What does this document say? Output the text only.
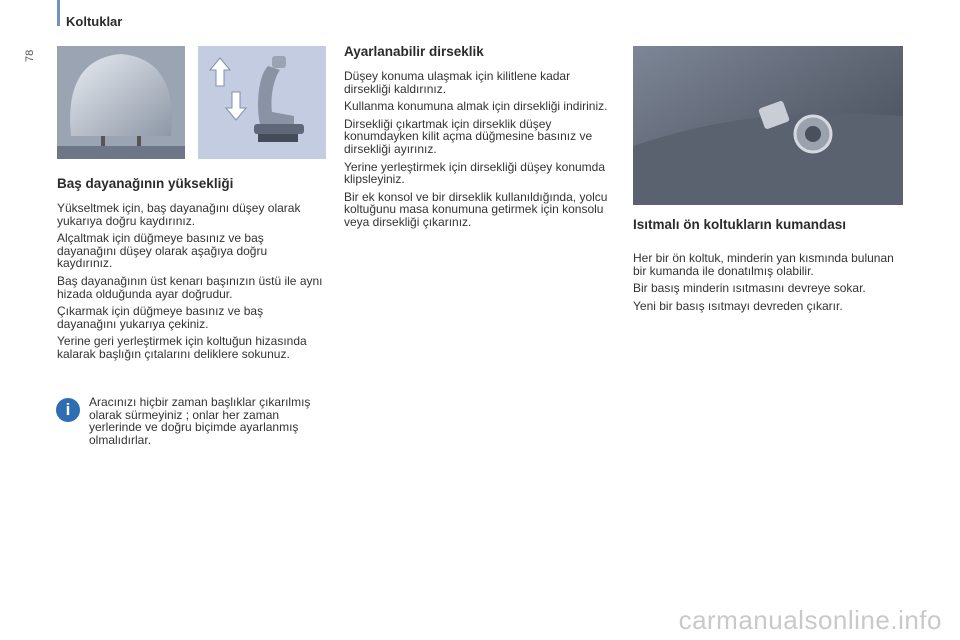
Koltuklar
78
Baş dayanağının yüksekliği

Yükseltmek için, baş dayanağını düşey olarak yukarıya doğru kaydırınız.

Alçaltmak için düğmeye basınız ve baş dayanağını düşey olarak aşağıya doğru kaydırınız.

Baş dayanağının üst kenarı başınızın üstü ile aynı hizada olduğunda ayar doğrudur.

Çıkarmak için düğmeye basınız ve baş dayanağını yukarıya çekiniz.

Yerine geri yerleştirmek için koltuğun hizasında kalarak başlığın çıtalarını deliklere sokunuz.

i	Aracınızı hiçbir zaman başlıklar çıkarılmış olarak sürmeyiniz ; onlar her zaman yerlerinde ve doğru biçimde ayarlanmış olmalıdırlar.
Ayarlanabilir dirseklik

Düşey konuma ulaşmak için kilitlene kadar dirsekliği kaldırınız.

Kullanma konumuna almak için dirsekliği indiriniz.

Dirsekliği çıkartmak için dirseklik düşey konumdayken kilit açma düğmesine basınız ve dirsekliği ayırınız.

Yerine yerleştirmek için dirsekliği düşey konumda klipsleyiniz.

Bir ek konsol ve bir dirseklik kullanıldığında, yolcu koltuğunu masa konumuna getirmek için konsolu veya dirsekliği çıkarınız.	Isıtmalı ön koltukların kumandası

Her bir ön koltuk, minderin yan kısmında bulunan bir kumanda ile donatılmış olabilir.

Bir basış minderin ısıtmasını devreye sokar.

Yeni bir basış ısıtmayı devreden çıkarır.

carmanualsonline.info
